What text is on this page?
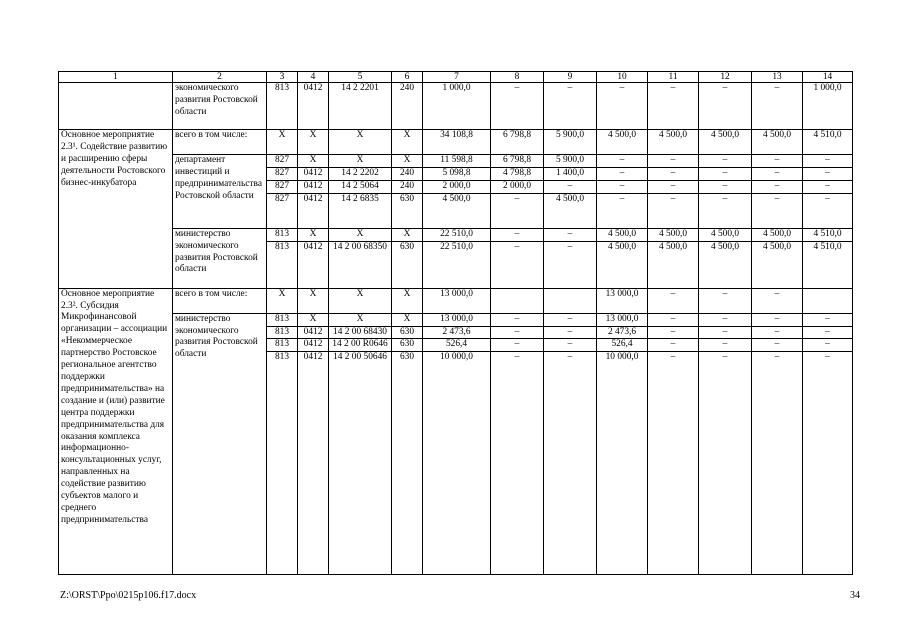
1	2	3	4	5	6	7	8	9	10	11	12	13	14
	экономического развития Ростовской области	813	0412	14 2 2201	240	1 000,0	–	–	–	–	–	–	1 000,0
Основное мероприятие 2.3¹. Содействие развитию и расширению сферы деятельности Ростовского бизнес-инкубатора	всего в том числе:	Х	Х	Х	Х	34 108,8	6 798,8	5 900,0	4 500,0	4 500,0	4 500,0	4 500,0	4 510,0
	департамент инвестиций и предпринимательства Ростовской области	827	Х	Х	Х	11 598,8	6 798,8	5 900,0	–	–	–	–	–
		827	0412	14 2 2202	240	5 098,8	4 798,8	1 400,0	–	–	–	–	–
		827	0412	14 2 5064	240	2 000,0	2 000,0	–	–	–	–	–	–
		827	0412	14 2 6835	630	4 500,0	–	4 500,0	–	–	–	–	–
	министерство экономического развития Ростовской области	813	Х	Х	Х	22 510,0	–	–	4 500,0	4 500,0	4 500,0	4 500,0	4 510,0
		813	0412	14 2 00 68350	630	22 510,0	–	–	4 500,0	4 500,0	4 500,0	4 500,0	4 510,0
Основное мероприятие 2.3². Субсидия Микрофинансовой организации – ассоциации «Некоммерческое партнерство Ростовское региональное агентство поддержки предпринимательства» на создание и (или) развитие центра поддержки предпринимательства для оказания комплекса информационно-консультационных услуг, направленных на содействие развитию субъектов малого и среднего предпринимательства	всего в том числе:	Х	Х	Х	Х	13 000,0			13 000,0	–	–	–	
	министерство экономического развития Ростовской области	813	Х	Х	Х	13 000,0	–	–	13 000,0	–	–	–	–
		813	0412	14 2 00 68430	630	2 473,6	–	–	2 473,6	–	–	–	–
		813	0412	14 2 00 R0646	630	526,4	–	–	526,4	–	–	–	–
		813	0412	14 2 00 50646	630	10 000,0	–	–	10 000,0	–	–	–	–
Z:\ORST\Ppo\0215p106.f17.docx	34
